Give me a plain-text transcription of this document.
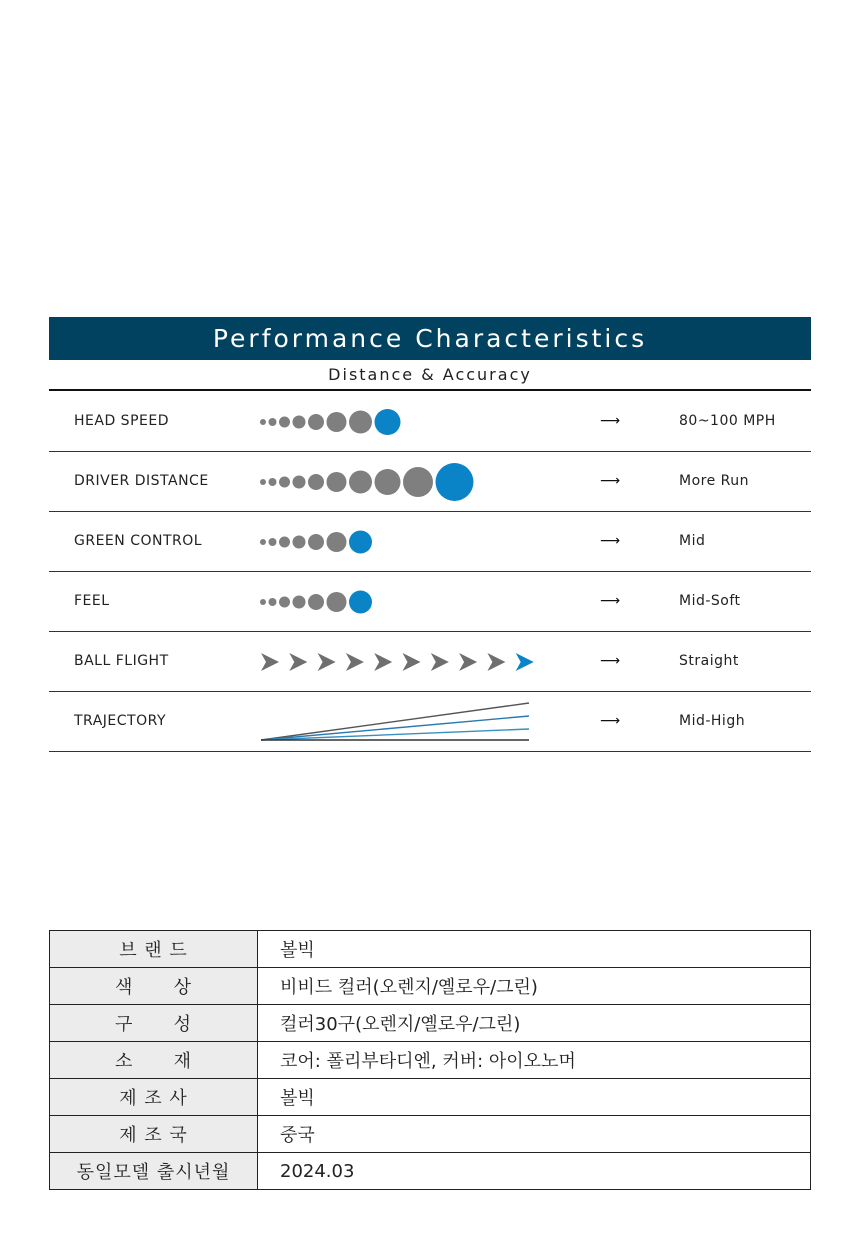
Performance Characteristics
Distance & Accuracy
HEAD SPEED	⟶	80~100 MPH
DRIVER DISTANCE	⟶	More Run
GREEN CONTROL	⟶	Mid
FEEL	⟶	Mid-Soft
BALL FLIGHT	⟶	Straight
TRAJECTORY	⟶	Mid-High
브 랜 드	볼빅
색      상	비비드 컬러(오렌지/옐로우/그린)
구      성	컬러30구(오렌지/옐로우/그린)
소      재	코어: 폴리부타디엔, 커버: 아이오노머
제 조 사	볼빅
제 조 국	중국
동일모델 출시년월	2024.03
